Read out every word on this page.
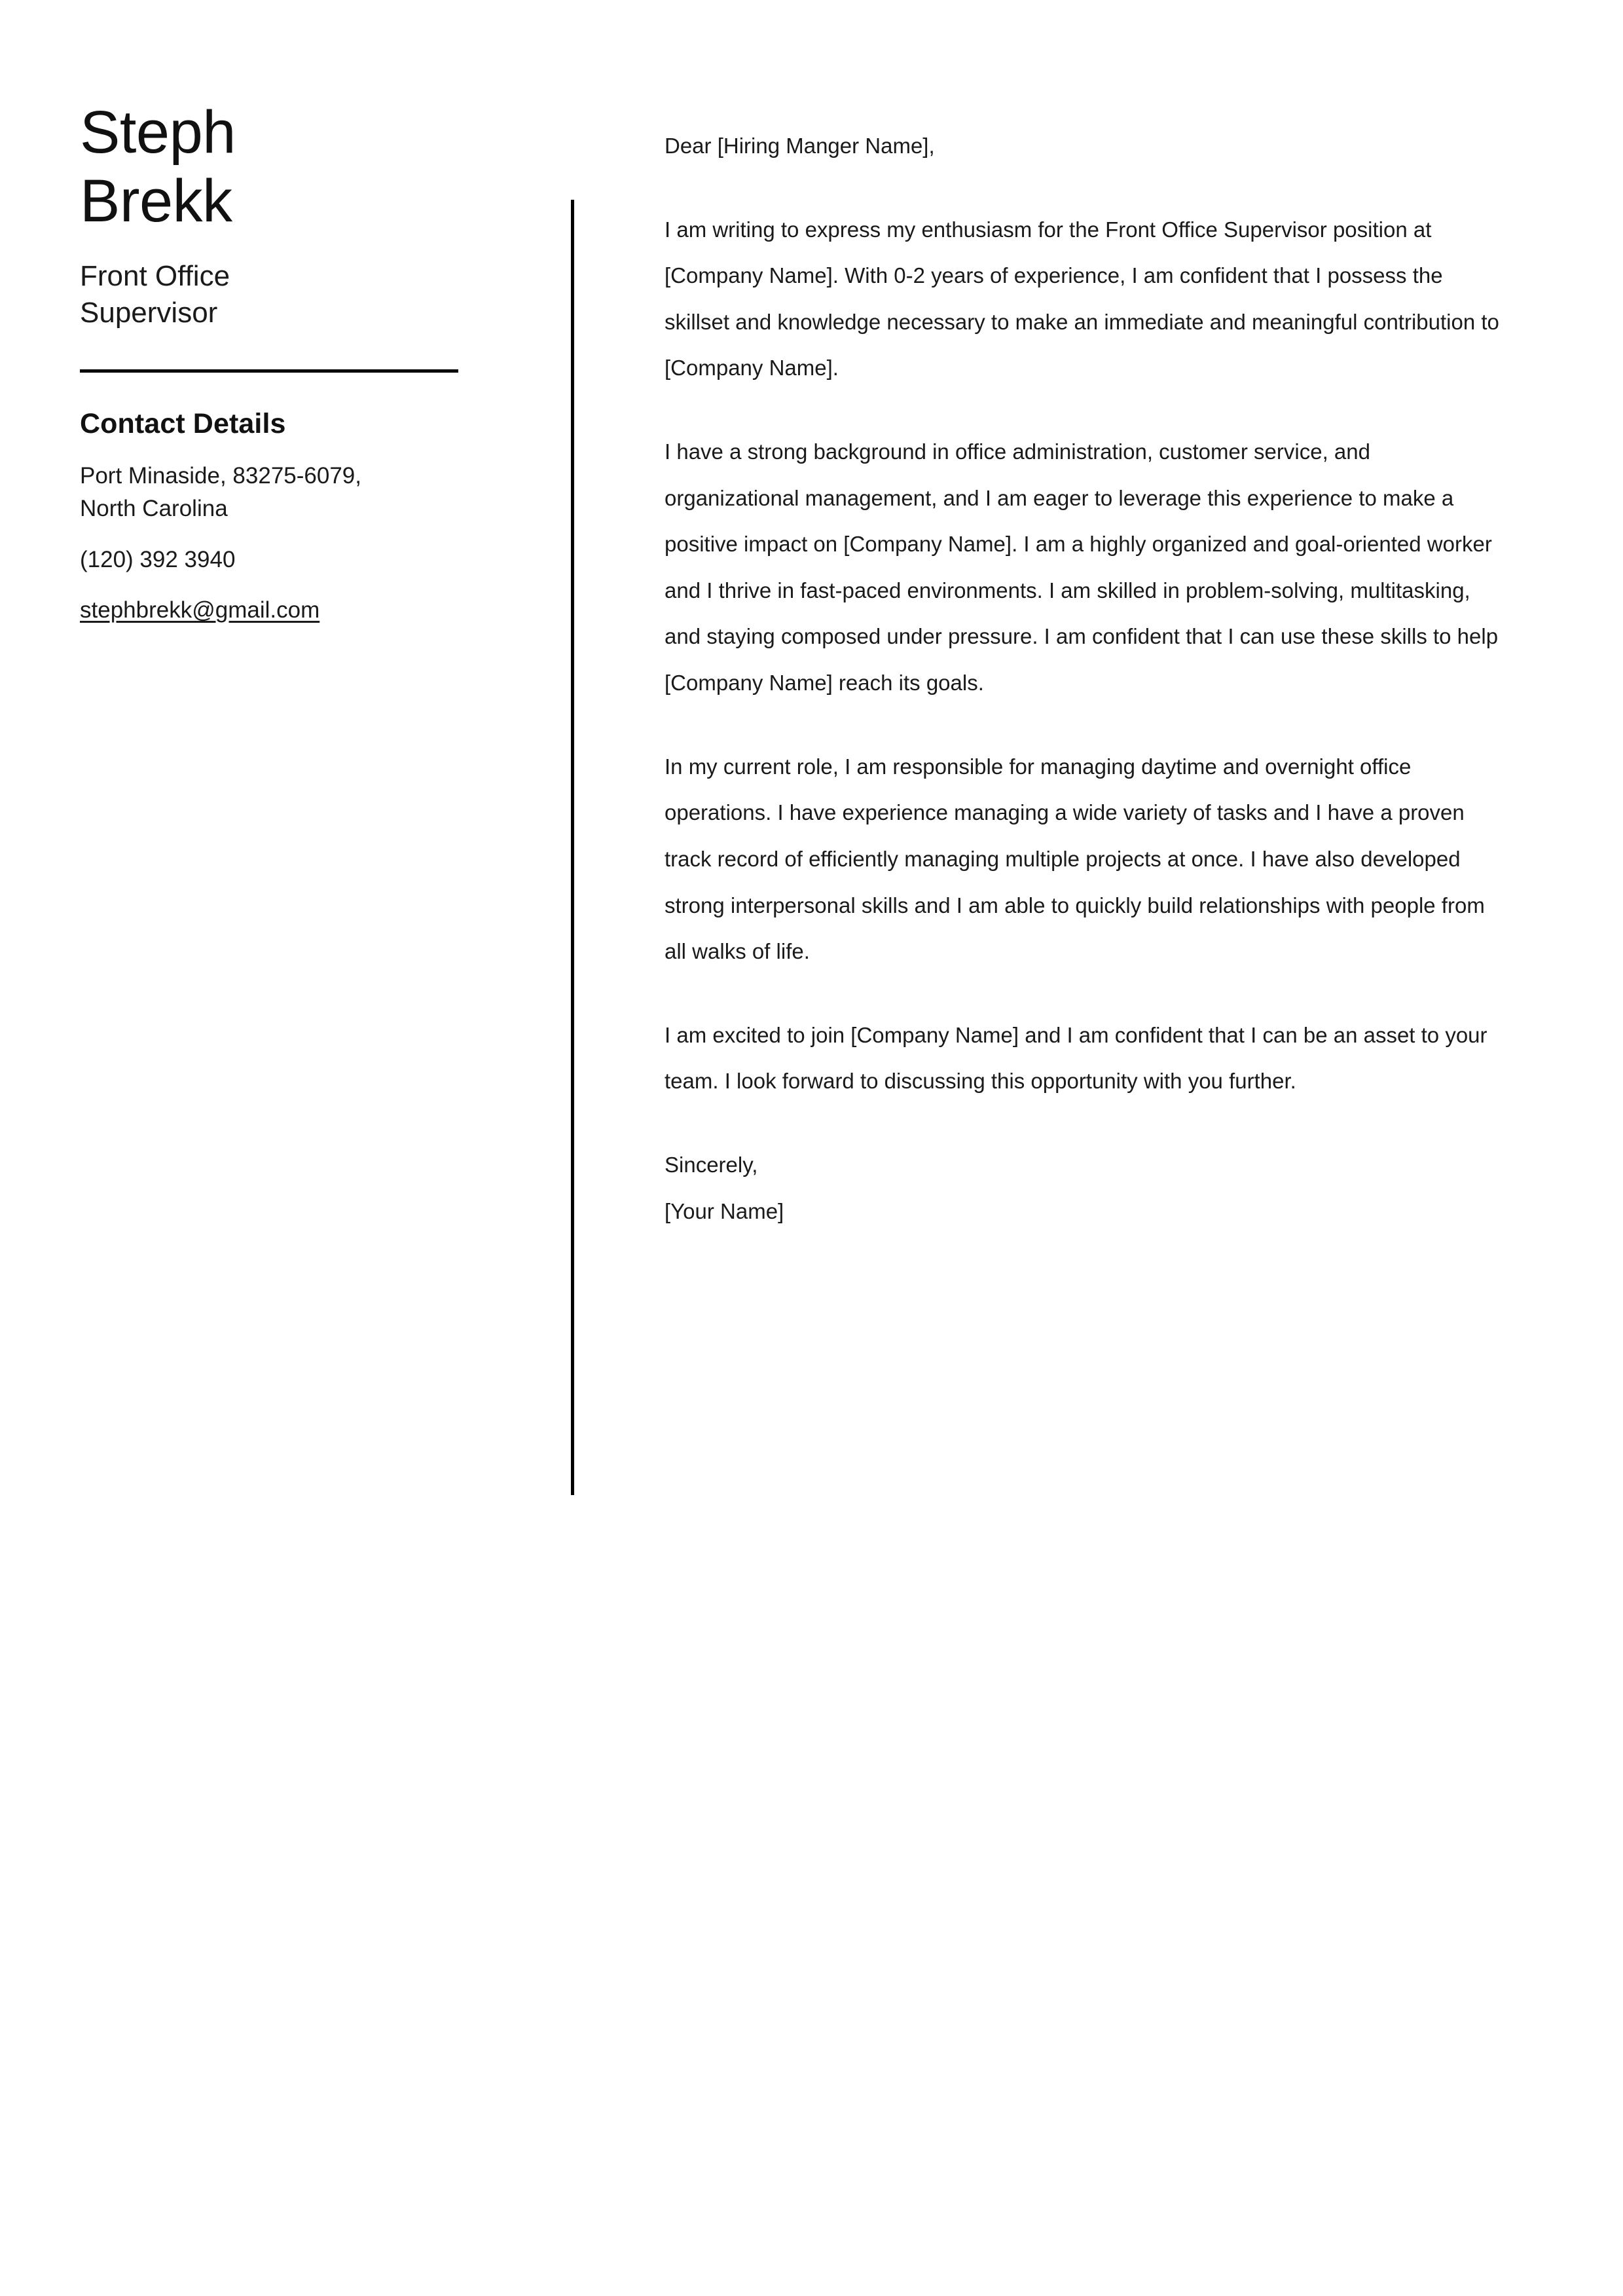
Steph
Brekk
Front Office
Supervisor
Contact Details
Port Minaside, 83275-6079,
North Carolina
(120) 392 3940
stephbrekk@gmail.com

Dear [Hiring Manger Name],

I am writing to express my enthusiasm for the Front Office Supervisor position at [Company Name]. With 0-2 years of experience, I am confident that I possess the skillset and knowledge necessary to make an immediate and meaningful contribution to [Company Name].

I have a strong background in office administration, customer service, and organizational management, and I am eager to leverage this experience to make a positive impact on [Company Name]. I am a highly organized and goal-oriented worker and I thrive in fast-paced environments. I am skilled in problem-solving, multitasking, and staying composed under pressure. I am confident that I can use these skills to help [Company Name] reach its goals.

In my current role, I am responsible for managing daytime and overnight office operations. I have experience managing a wide variety of tasks and I have a proven track record of efficiently managing multiple projects at once. I have also developed strong interpersonal skills and I am able to quickly build relationships with people from all walks of life.

I am excited to join [Company Name] and I am confident that I can be an asset to your team. I look forward to discussing this opportunity with you further.

Sincerely,
[Your Name]
